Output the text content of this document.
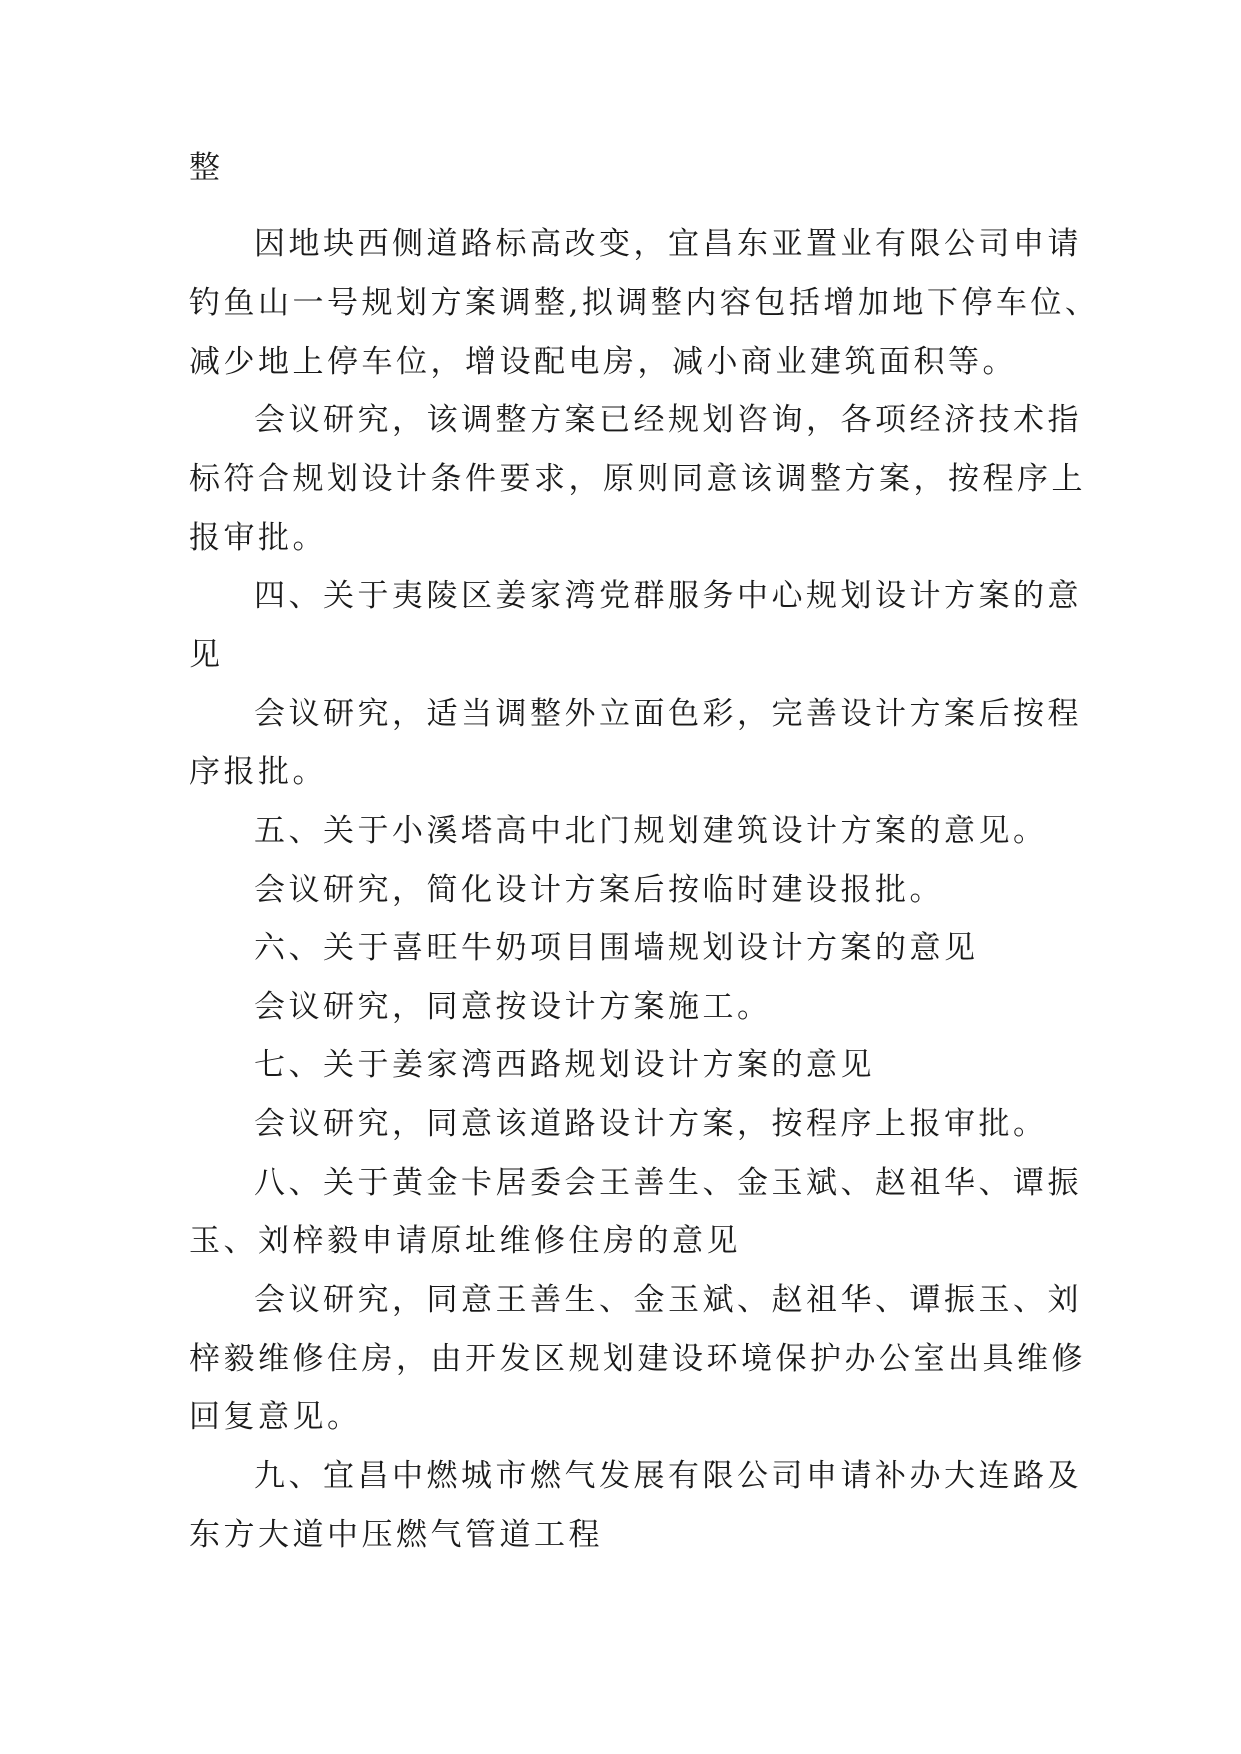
整

因地块西侧道路标高改变，宜昌东亚置业有限公司申请

钓鱼山一号规划方案调整,拟调整内容包括增加地下停车位、

减少地上停车位，增设配电房，减小商业建筑面积等。

会议研究，该调整方案已经规划咨询，各项经济技术指

标符合规划设计条件要求，原则同意该调整方案，按程序上

报审批。

四、关于夷陵区姜家湾党群服务中心规划设计方案的意

见

会议研究，适当调整外立面色彩，完善设计方案后按程

序报批。

五、关于小溪塔高中北门规划建筑设计方案的意见。

会议研究，简化设计方案后按临时建设报批。

六、关于喜旺牛奶项目围墙规划设计方案的意见

会议研究，同意按设计方案施工。

七、关于姜家湾西路规划设计方案的意见

会议研究，同意该道路设计方案，按程序上报审批。

八、关于黄金卡居委会王善生、金玉斌、赵祖华、谭振

玉、刘梓毅申请原址维修住房的意见

会议研究，同意王善生、金玉斌、赵祖华、谭振玉、刘

梓毅维修住房，由开发区规划建设环境保护办公室出具维修

回复意见。

九、宜昌中燃城市燃气发展有限公司申请补办大连路及

东方大道中压燃气管道工程
